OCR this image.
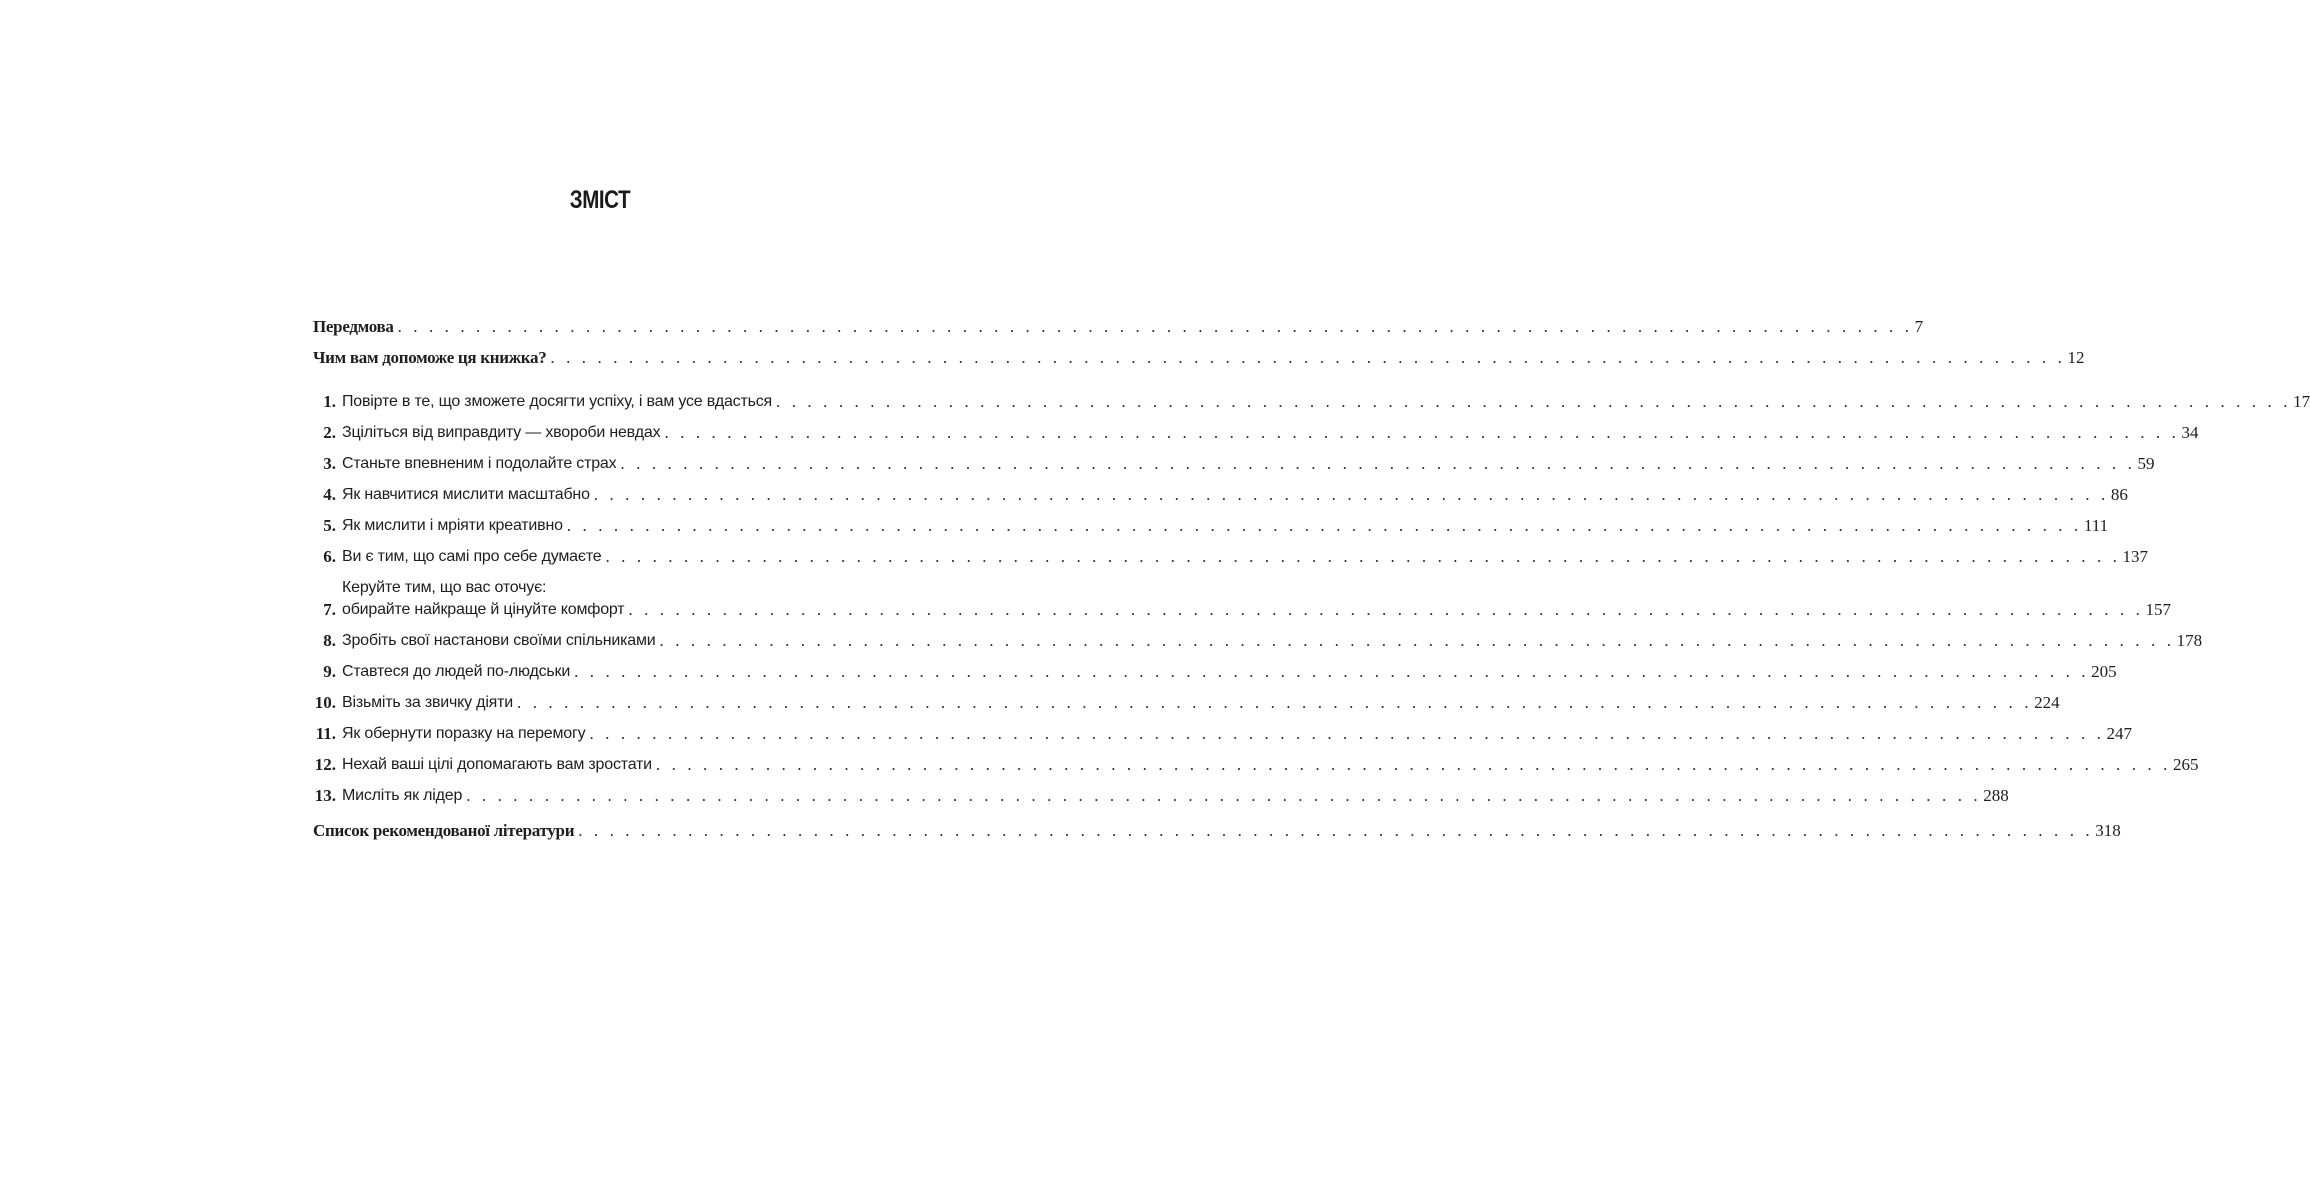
ЗМІСТ
Передмова . . . . . . . . . . . . . . . . . . . . . . . . . . . . . . . . . . . . . . . . . . . . . . . . . . . . . . . . . . . . . . . . . . . . . . . . . . . . . . . . . . . . . . . . . . . . . . . . . 7
Чим вам допоможе ця книжка? . . . . . . . . . . . . . . . . . . . . . . . . . . . . . . . . . . . . . . . . . . . . . . . . . . . . . . . . . . . . . . . . . . . . . . . . . . . . . . . . . . . . . . . . . . . . . . . . . 12
1. Повірте в те, що зможете досягти успіху, і вам усе вдасться . . . . . . . . . . . . . . . . . . . . . . . . . . . . . . . . . . . . . . . . . . . . . . . . . . . . . . . . . . . . . . . . . . . . . . . . . . . . . . . . . . . . . . . . . . . . . . . . . 17
2. Зціліться від виправдиту — хвороби невдах . . . . . . . . . . . . . . . . . . . . . . . . . . . . . . . . . . . . . . . . . . . . . . . . . . . . . . . . . . . . . . . . . . . . . . . . . . . . . . . . . . . . . . . . . . . . . . . . . 34
3. Станьте впевненим і подолайте страх . . . . . . . . . . . . . . . . . . . . . . . . . . . . . . . . . . . . . . . . . . . . . . . . . . . . . . . . . . . . . . . . . . . . . . . . . . . . . . . . . . . . . . . . . . . . . . . . . 59
4. Як навчитися мислити масштабно . . . . . . . . . . . . . . . . . . . . . . . . . . . . . . . . . . . . . . . . . . . . . . . . . . . . . . . . . . . . . . . . . . . . . . . . . . . . . . . . . . . . . . . . . . . . . . . . . 86
5. Як мислити і мріяти креативно . . . . . . . . . . . . . . . . . . . . . . . . . . . . . . . . . . . . . . . . . . . . . . . . . . . . . . . . . . . . . . . . . . . . . . . . . . . . . . . . . . . . . . . . . . . . . . . . . 111
6. Ви є тим, що самі про себе думаєте . . . . . . . . . . . . . . . . . . . . . . . . . . . . . . . . . . . . . . . . . . . . . . . . . . . . . . . . . . . . . . . . . . . . . . . . . . . . . . . . . . . . . . . . . . . . . . . . . 137
7.
Керуйте тим, що вас оточує:
обирайте найкраще й цінуйте комфорт . . . . . . . . . . . . . . . . . . . . . . . . . . . . . . . . . . . . . . . . . . . . . . . . . . . . . . . . . . . . . . . . . . . . . . . . . . . . . . . . . . . . . . . . . . . . . . . . . 157
8. Зробіть свої настанови своїми спільниками . . . . . . . . . . . . . . . . . . . . . . . . . . . . . . . . . . . . . . . . . . . . . . . . . . . . . . . . . . . . . . . . . . . . . . . . . . . . . . . . . . . . . . . . . . . . . . . . . 178
9. Ставтеся до людей по-людськи . . . . . . . . . . . . . . . . . . . . . . . . . . . . . . . . . . . . . . . . . . . . . . . . . . . . . . . . . . . . . . . . . . . . . . . . . . . . . . . . . . . . . . . . . . . . . . . . . 205
10. Візьміть за звичку діяти . . . . . . . . . . . . . . . . . . . . . . . . . . . . . . . . . . . . . . . . . . . . . . . . . . . . . . . . . . . . . . . . . . . . . . . . . . . . . . . . . . . . . . . . . . . . . . . . . 224
11. Як обернути поразку на перемогу . . . . . . . . . . . . . . . . . . . . . . . . . . . . . . . . . . . . . . . . . . . . . . . . . . . . . . . . . . . . . . . . . . . . . . . . . . . . . . . . . . . . . . . . . . . . . . . . . 247
12. Нехай ваші цілі допомагають вам зростати . . . . . . . . . . . . . . . . . . . . . . . . . . . . . . . . . . . . . . . . . . . . . . . . . . . . . . . . . . . . . . . . . . . . . . . . . . . . . . . . . . . . . . . . . . . . . . . . . 265
13. Мисліть як лідер . . . . . . . . . . . . . . . . . . . . . . . . . . . . . . . . . . . . . . . . . . . . . . . . . . . . . . . . . . . . . . . . . . . . . . . . . . . . . . . . . . . . . . . . . . . . . . . . . 288
Список рекомендованої літератури . . . . . . . . . . . . . . . . . . . . . . . . . . . . . . . . . . . . . . . . . . . . . . . . . . . . . . . . . . . . . . . . . . . . . . . . . . . . . . . . . . . . . . . . . . . . . . . . . 318
